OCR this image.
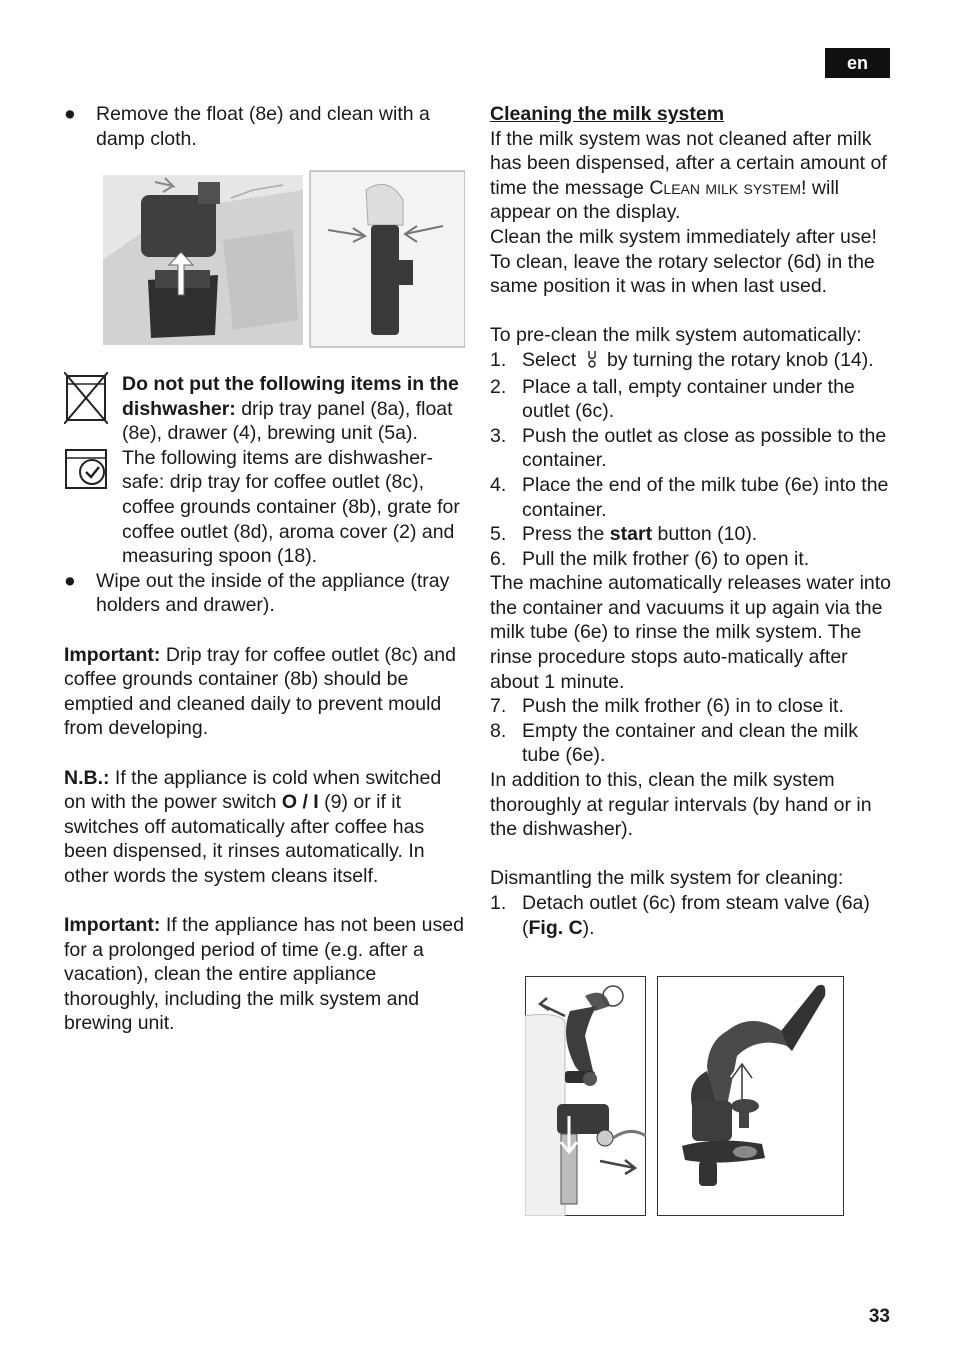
en
● Remove the float (8e) and clean with a damp cloth.

Do not put the following items in the dishwasher: drip tray panel (8a), float (8e), drawer (4), brewing unit (5a).

The following items are dishwasher-safe: drip tray for coffee outlet (8c), coffee grounds container (8b), grate for coffee outlet (8d), aroma cover (2) and measuring spoon (18).

● Wipe out the inside of the appliance (tray holders and drawer).

Important: Drip tray for coffee outlet (8c) and coffee grounds container (8b) should be emptied and cleaned daily to prevent mould from developing.

N.B.: If the appliance is cold when switched on with the power switch O / I (9) or if it switches off automatically after coffee has been dispensed, it rinses automatically. In other words the system cleans itself.

Important: If the appliance has not been used for a prolonged period of time (e.g. after a vacation), clean the entire appliance thoroughly, including the milk system and brewing unit.

Cleaning the milk system

If the milk system was not cleaned after milk has been dispensed, after a certain amount of time the message Clean milk system! will appear on the display.

Clean the milk system immediately after use! To clean, leave the rotary selector (6d) in the same position it was in when last used.

To pre-clean the milk system automatically:

1. Select  by turning the rotary knob (14).
2. Place a tall, empty container under the outlet (6c).
3. Push the outlet as close as possible to the container.
4. Place the end of the milk tube (6e) into the container.
5. Press the start button (10).
6. Pull the milk frother (6) to open it.

The machine automatically releases water into the container and vacuums it up again via the milk tube (6e) to rinse the milk system. The rinse procedure stops auto-matically after about 1 minute.

7. Push the milk frother (6) in to close it.
8. Empty the container and clean the milk tube (6e).

In addition to this, clean the milk system thoroughly at regular intervals (by hand or in the dishwasher).

Dismantling the milk system for cleaning:

1. Detach outlet (6c) from steam valve (6a) (Fig. C).
33
